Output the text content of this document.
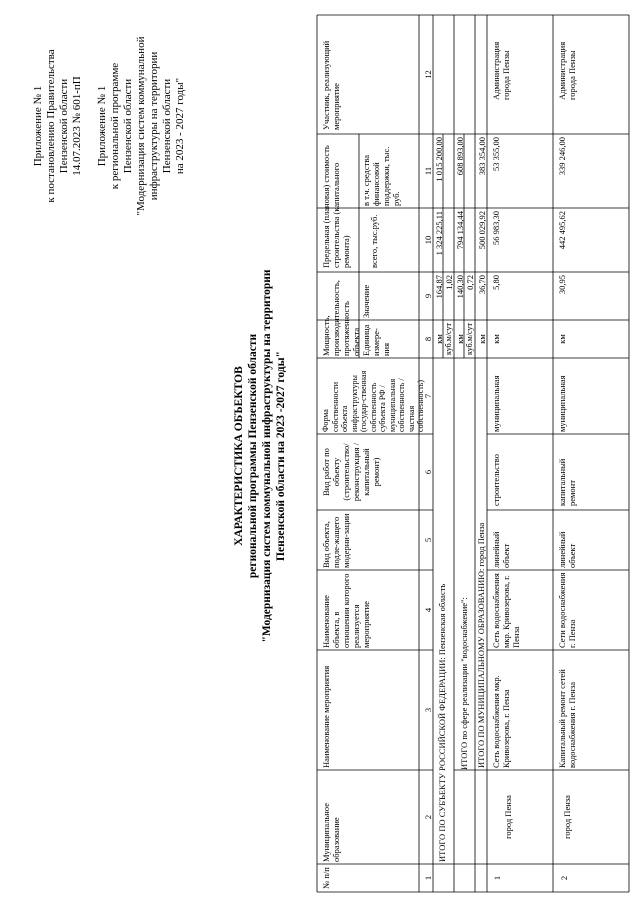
Приложение № 1 к постановлению Правительства Пензенской области 14.07.2023 № 601-пП Приложение № 1 к региональной программе Пензенской области "Модернизация систем коммунальной инфраструктуры на территории Пензенской области на 2023 - 2027 годы"
ХАРАКТЕРИСТИКА ОБЪЕКТОВ региональной программы Пензенской области "Модернизация систем коммунальной инфраструктуры на территории Пензенской области на 2023 -2027 годы"
№ п/п
Муниципальное образование
Наименование мероприятия
Наименование объекта, в отношении которого реализуется мероприятие
Вид объекта, подле-жащего модерни-зации
Вид работ по объекту (строительство/ реконструкция / капитальный ремонт)
Форма собственности объекта инфраструктуры (государ-ственная собственность субъекта РФ / муниципальная собственность / частная собственность)
Мощность, производительность, протяженность объекта Единица измере-ния
Значение
Предельная (плановая) стоимость строительства (капитального ремонта)	всего, тыс.руб.
в т.ч. средства финансовой поддержки, тыс. руб.
Участник, реализующий мероприятие
1
2
3
4
5
6
7
8
9
10
11
12
ИТОГО ПО СУБЪЕКТУ РОССИЙСКОЙ ФЕДЕРАЦИИ: Пензенская область
км
164,87
1 324 225,11
1 015 200,00
куб.м/сут
1,02
ИТОГО по сфере реализации "водоснабжение":
км
140,30
794 134,44
608 893,00
куб.м/сут
0,72
ИТОГО ПО МУНИЦИПАЛЬНОМУ ОБРАЗОВАНИЮ: город Пенза
км
36,70
500 029,92
383 354,00
1
город Пенза
Сеть водоснабжения мкр. Кривозерова, г. Пенза
Сеть водоснабжения мкр. Кривозерова, г. Пенза
линейный объект
строительство
муниципальная
км
5,80
56 983,30
53 355,00
Администрация города Пензы
2
город Пенза
Капитальный ремонт сетей водоснабжения г. Пенза
Сети водоснабжения г. Пенза
линейный объект
капитальный ремонт
муниципальная
км
30,95
442 495,62
339 246,00
Администрация города Пензы
